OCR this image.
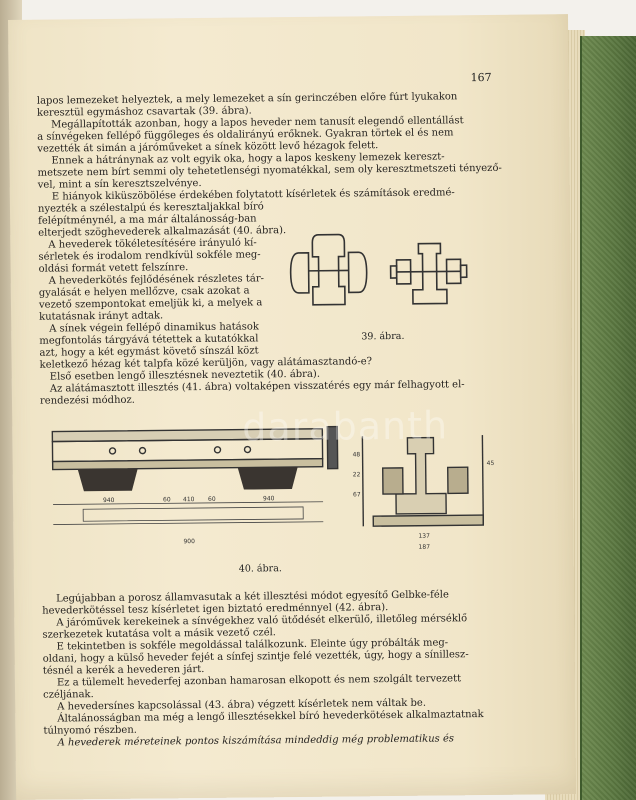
167

lapos lemezeket helyeztek, a mely lemezeket a sín gerinczében előre fúrt lyukakon

keresztül egymáshoz csavartak (39. ábra).

Megállapították azonban, hogy a lapos heveder nem tanusít elegendő ellentállást

a sínvégeken fellépő függőleges és oldalirányú erőknek. Gyakran törtek el és nem

vezették át simán a járóműveket a sínek között levő hézagok felett.

Ennek a hátránynak az volt egyik oka, hogy a lapos keskeny lemezek kereszt-

metszete nem bírt semmi oly tehetetlenségi nyomatékkal, sem oly keresztmetszeti tényező-

vel, mint a sín keresztszelvénye.

E hiányok kiküszöbölése érdekében folytatott kísérletek és számítások eredmé-

nyezték a szélestalpú és keresztaljakkal bíró

felépítménynél, a ma már általánosság-ban

elterjedt szöghevederek alkalmazását (40. ábra).

A hevederek tökéletesítésére irányuló kí-

sérletek és irodalom rendkívül sokféle meg-

oldási formát vetett felszínre.

A hevederkötés fejlődésének részletes tár-

gyalását e helyen mellőzve, csak azokat a

vezető szempontokat emeljük ki, a melyek a

kutatásnak irányt adtak.

A sínek végein fellépő dinamikus hatások

megfontolás tárgyává tétettek a kutatókkal

azt, hogy a két egymást követő sínszál közt

keletkező hézag két talpfa közé kerüljön, vagy alátámasztandó-e?

Első esetben lengő illesztésnek neveztetik (40. ábra).

Az alátámasztott illesztés (41. ábra) voltaképen visszatérés egy már felhagyott el-

rendezési módhoz.

39. ábra.
940	60 410 60	940
900
48
22
67
45
137
187
40. ábra.

Legújabban a porosz államvasutak a két illesztési módot egyesítő Gelbke-féle

hevederkötéssel tesz kísérletet igen biztató eredménnyel (42. ábra).

A járóművek kerekeinek a sínvégekhez való ütődését elkerülő, illetőleg mérséklő

szerkezetek kutatása volt a másik vezető czél.

E tekintetben is sokféle megoldással találkozunk. Eleinte úgy próbálták meg-

oldani, hogy a külső heveder fejét a sínfej szintje felé vezették, úgy, hogy a sínillesz-

tésnél a kerék a hevederen járt.

Ez a tülemelt hevederfej azonban hamarosan elkopott és nem szolgált tervezett

czéljának.

A hevedersínes kapcsolással (43. ábra) végzett kísérletek nem váltak be.

Általánosságban ma még a lengő illesztésekkel bíró hevederkötések alkalmaztatnak

túlnyomó részben.

A hevederek méreteinek pontos kiszámítása mindeddig még problematikus és

darabanth
